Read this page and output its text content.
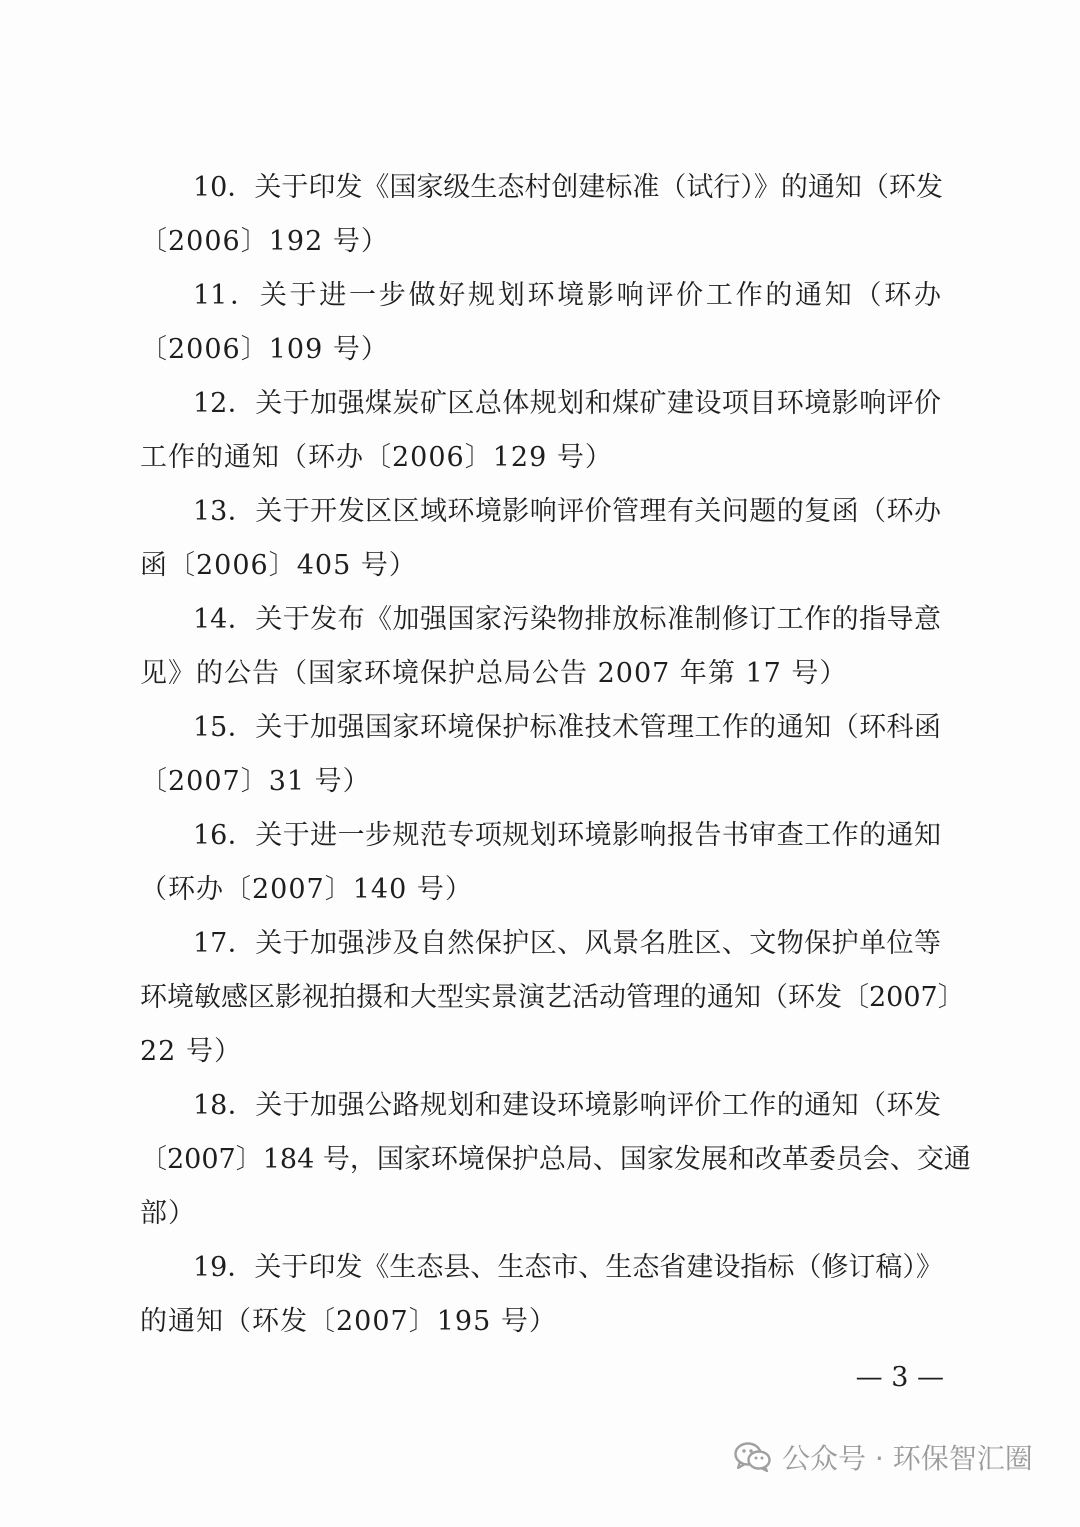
10．关于印发《国家级生态村创建标准（试行）》的通知（环发
〔2006〕192 号）
11．关于进一步做好规划环境影响评价工作的通知（环办
〔2006〕109 号）
12．关于加强煤炭矿区总体规划和煤矿建设项目环境影响评价
工作的通知（环办〔2006〕129 号）
13．关于开发区区域环境影响评价管理有关问题的复函（环办
函〔2006〕405 号）
14．关于发布《加强国家污染物排放标准制修订工作的指导意
见》的公告（国家环境保护总局公告 2007 年第 17 号）
15．关于加强国家环境保护标准技术管理工作的通知（环科函
〔2007〕31 号）
16．关于进一步规范专项规划环境影响报告书审查工作的通知
（环办〔2007〕140 号）
17．关于加强涉及自然保护区、风景名胜区、文物保护单位等
环境敏感区影视拍摄和大型实景演艺活动管理的通知（环发〔2007〕
22 号）
18．关于加强公路规划和建设环境影响评价工作的通知（环发
〔2007〕184 号，国家环境保护总局、国家发展和改革委员会、交通
部）
19．关于印发《生态县、生态市、生态省建设指标（修订稿）》
的通知（环发〔2007〕195 号）
— 3 —
公众号 · 环保智汇圈
